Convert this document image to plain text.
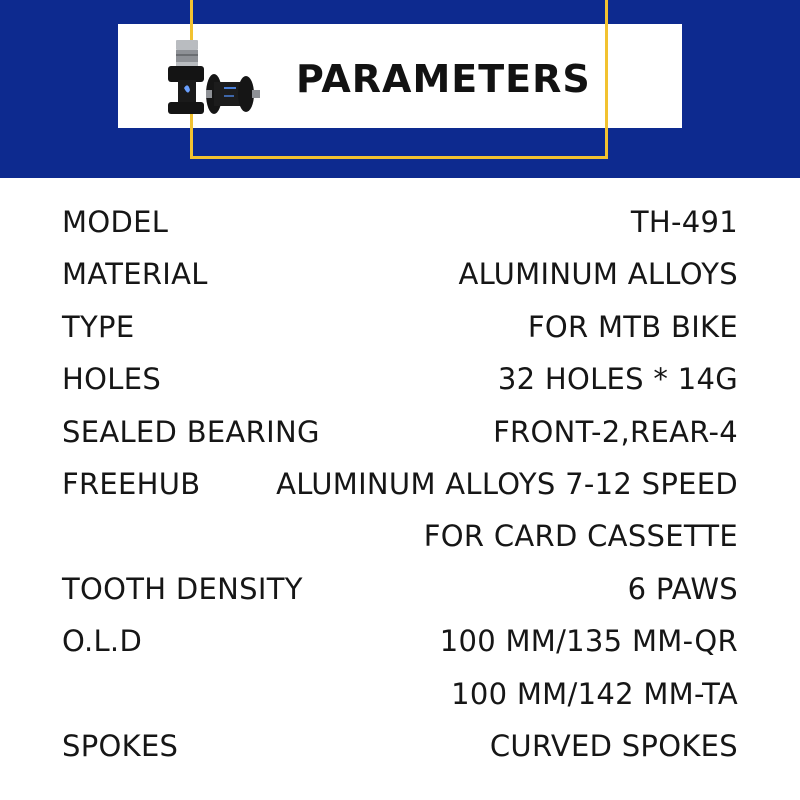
PARAMETERS
MODEL	TH-491
MATERIAL	ALUMINUM ALLOYS
TYPE	FOR MTB BIKE
HOLES	32 HOLES * 14G
SEALED BEARING	FRONT-2,REAR-4
FREEHUB	ALUMINUM ALLOYS 7-12 SPEED
FOR CARD CASSETTE
TOOTH DENSITY	6 PAWS
O.L.D	100 MM/135 MM-QR
100 MM/142 MM-TA
SPOKES	CURVED SPOKES
